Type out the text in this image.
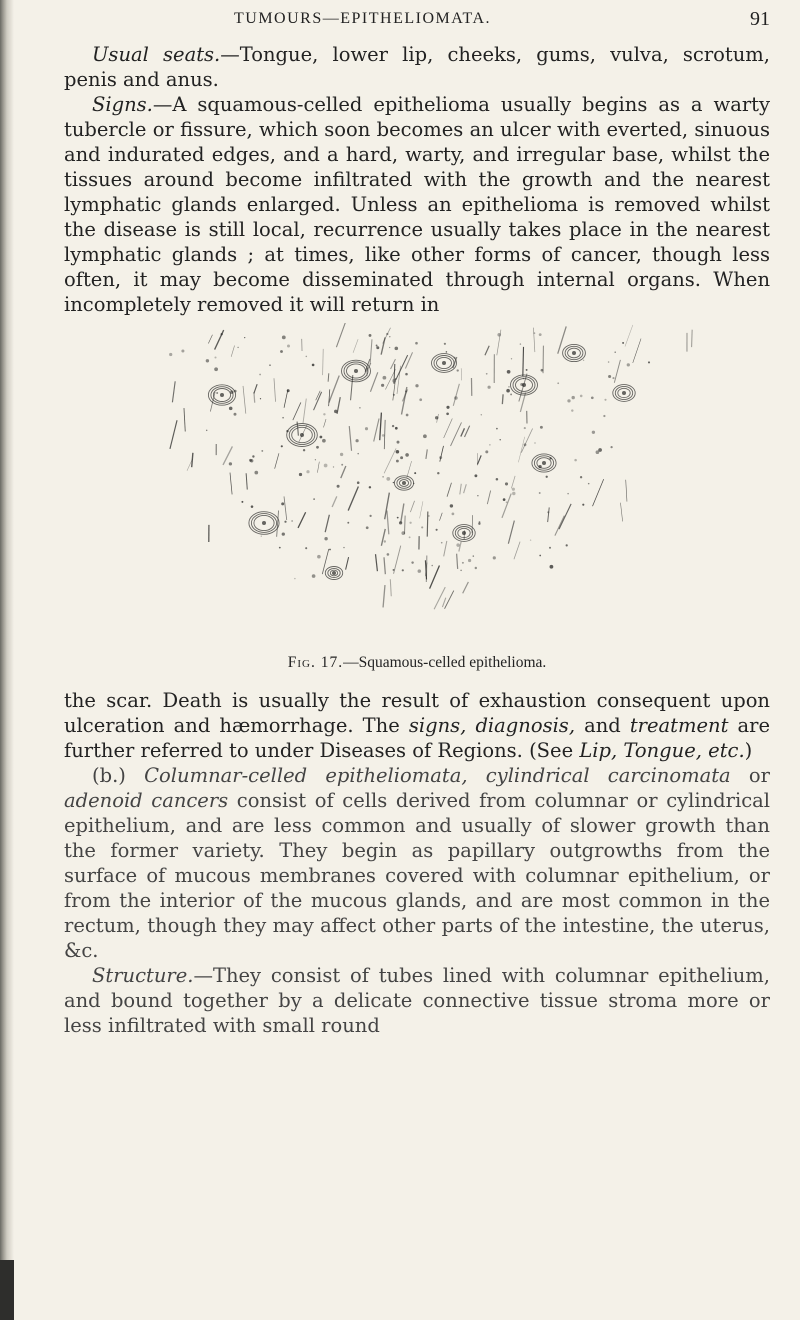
TUMOURS—EPITHELIOMATA.	91

Usual seats.—Tongue, lower lip, cheeks, gums, vulva, scrotum, penis and anus.

Signs.—A squamous-celled epithelioma usually begins as a warty tubercle or fissure, which soon becomes an ulcer with everted, sinuous and indurated edges, and a hard, warty, and irregular base, whilst the tissues around become infiltrated with the growth and the nearest lymphatic glands enlarged. Unless an epithelioma is removed whilst the disease is still local, recurrence usually takes place in the nearest lymphatic glands ; at times, like other forms of cancer, though less often, it may become disseminated through internal organs. When incompletely removed it will return in

Fig. 17.—Squamous-celled epithelioma.

the scar. Death is usually the result of exhaustion consequent upon ulceration and hæmorrhage. The signs, diagnosis, and treatment are further referred to under Diseases of Regions. (See Lip, Tongue, etc.)

(b.) Columnar-celled epitheliomata, cylindrical carcinomata or adenoid cancers consist of cells derived from columnar or cylindrical epithelium, and are less common and usually of slower growth than the former variety. They begin as papillary outgrowths from the surface of mucous membranes covered with columnar epithelium, or from the interior of the mucous glands, and are most common in the rectum, though they may affect other parts of the intestine, the uterus, &c.

Structure.—They consist of tubes lined with columnar epithelium, and bound together by a delicate connective tissue stroma more or less infiltrated with small round
